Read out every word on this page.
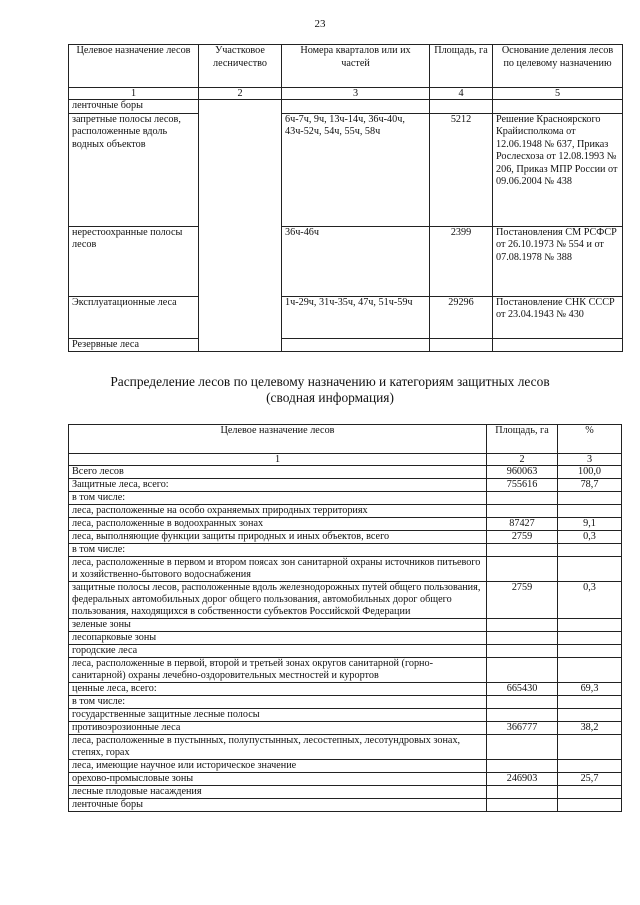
23
Целевое назначение лесов	Участковое лесничество	Номера кварталов или их частей	Площадь, га	Основание деления лесов по целевому назначению
1	2	3	4	5
ленточные боры				
запретные полосы лесов, расположенные вдоль водных объектов		6ч-7ч, 9ч, 13ч-14ч, 36ч-40ч, 43ч-52ч, 54ч, 55ч, 58ч	5212	Решение Красноярского Крайисполкома от 12.06.1948 № 637, Приказ Рослесхоза от 12.08.1993 № 206, Приказ МПР России от 09.06.2004 № 438
нерестоохранные полосы лесов		36ч-46ч	2399	Постановления СМ РСФСР от 26.10.1973 № 554 и от 07.08.1978 № 388
Эксплуатационные леса		1ч-29ч, 31ч-35ч, 47ч, 51ч-59ч	29296	Постановление СНК СССР от 23.04.1943 № 430
Резервные леса				
Распределение лесов по целевому назначению и категориям защитных лесов
(сводная информация)
Целевое назначение лесов	Площадь, га	%
1	2	3
Всего лесов	960063	100,0
Защитные леса, всего:	755616	78,7
в том числе:		
леса, расположенные на особо охраняемых природных территориях		
леса, расположенные в водоохранных зонах	87427	9,1
леса, выполняющие функции защиты природных и иных объектов, всего	2759	0,3
в том числе:		
леса, расположенные в первом и втором поясах зон санитарной охраны источников питьевого и хозяйственно-бытового водоснабжения		
защитные полосы лесов, расположенные вдоль железнодорожных путей общего пользования, федеральных автомобильных дорог общего пользования, автомобильных дорог общего пользования, находящихся в собственности субъектов Российской Федерации	2759	0,3
зеленые зоны		
лесопарковые зоны		
городские леса		
леса, расположенные в первой, второй и третьей зонах округов санитарной (горно-санитарной) охраны лечебно-оздоровительных местностей и курортов		
ценные леса, всего:	665430	69,3
в том числе:		
государственные защитные лесные полосы		
противоэрозионные леса	366777	38,2
леса, расположенные в пустынных, полупустынных, лесостепных, лесотундровых зонах, степях, горах		
леса, имеющие научное или историческое значение		
орехово-промысловые зоны	246903	25,7
лесные плодовые насаждения		
ленточные боры		
